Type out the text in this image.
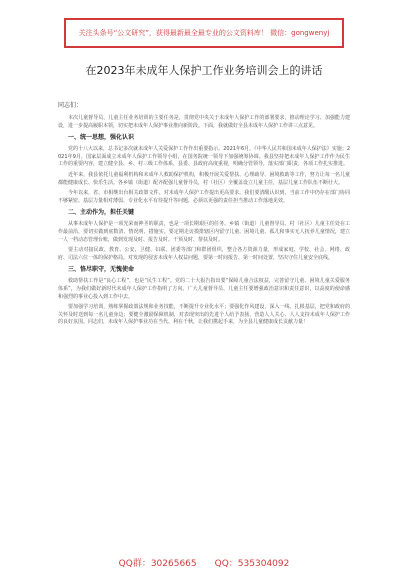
关注头条号“公文研究”，获得最新最全最专业的公文资料库！ 微信：gongwenyj
在2023年未成年人保护工作业务培训会上的讲话

同志们：

本次儿童督导员、儿童主任业务培训的主要任务是，贯彻党中央关于未成年人保护工作的部署要求，推动理论学习、加强能力建设，进一步提高履职本领，切实把未成年人保护事业推向新阶段。下面，我就做好全县未成年人保护工作讲三点意见。

一、统一思想，强化认识

党的十八大以来，总书记多次就未成年人关爱保护工作作出重要指示。2021年6月，《中华人民共和国未成年人保护法》实施；2021年9月，国家层面成立未成年人保护工作领导小组，在国务院统一领导下加强统筹协调。我县坚持把未成年人保护工作作为民生工作的重要内容，建立健全县、乡、村三级工作体系，县委、县政府高度重视，明确分管领导，落实部门职责，各项工作扎实推进。

近年来，我县依托儿童福利机构和未成年人救助保护机构，积极开展关爱帮扶、心理疏导、困境救助等工作，努力让每一名儿童都能健康成长、快乐生活。各乡镇（街道）配齐配强儿童督导员，村（社区）全覆盖设立儿童主任，基层儿童工作队伍不断壮大。

今年以来，省、市相继出台相关政策文件，对未成年人保护工作提出更高要求。我们要清醒认识到，当前工作中仍存在部门协同不够紧密、基层力量相对薄弱、专业化水平有待提升等问题，必须以更强的责任担当推动工作落地见效。

二、主动作为，担任关键

从事未成年人保护是一项光荣而神圣的职责，也是一项长期艰巨的任务。乡镇（街道）儿童督导员、村（社区）儿童主任处在工作最前沿，要切实做到底数清、情况明、措施实。要定期走访摸排辖区内留守儿童、困境儿童、孤儿和事实无人抚养儿童情况，建立一人一档动态管理台账，做到发现及时、报告及时、干预及时、帮扶及时。

要主动对接民政、教育、公安、卫健、妇联、团委等部门和群团组织，整合各方资源力量，形成家庭、学校、社会、网络、政府、司法六位一体的保护格局。对发现的侵害未成年人权益问题，要第一时间报告、第一时间处置，坚决守住儿童安全底线。

三、恪尽职守，无愧使命

救助帮扶工作是“良心工程”，也是“民生工程”。党的二十大报告指出要“保障儿童合法权益，完善留守儿童、困境儿童关爱服务体系”，为我们做好新时代未成年人保护工作指明了方向。广大儿童督导员、儿童主任要增强政治意识和责任意识，以高度的使命感和强烈的事业心投入到工作中去。

要加强学习培训，熟练掌握政策法规和业务技能，不断提升专业化水平；要强化作风建设，深入一线、扎根基层，把党和政府的关怀及时送到每一名儿童身边；要健全激励保障机制，对表现突出的先进个人给予表扬，营造人人关心、人人支持未成年人保护工作的良好氛围。同志们，未成年人保护事业功在当代、利在千秋，让我们携起手来，为全县儿童健康成长贡献力量！

QQ群：30265665 QQ：535304092
